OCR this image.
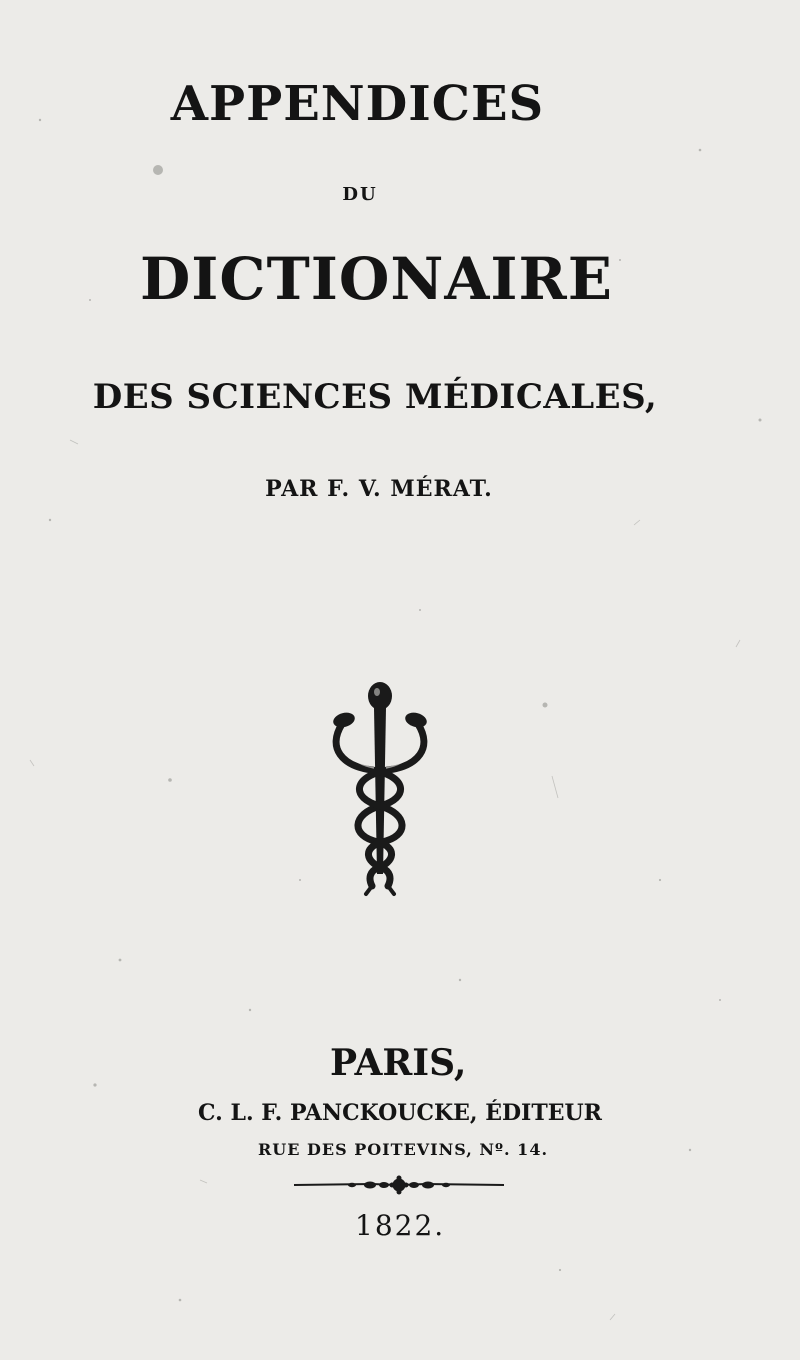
APPENDICES
DU
DICTIONAIRE
DES SCIENCES MÉDICALES,
PAR F. V. MÉRAT.
PARIS,
C. L. F. PANCKOUCKE, ÉDITEUR
RUE DES POITEVINS, Nº. 14.
1822.
